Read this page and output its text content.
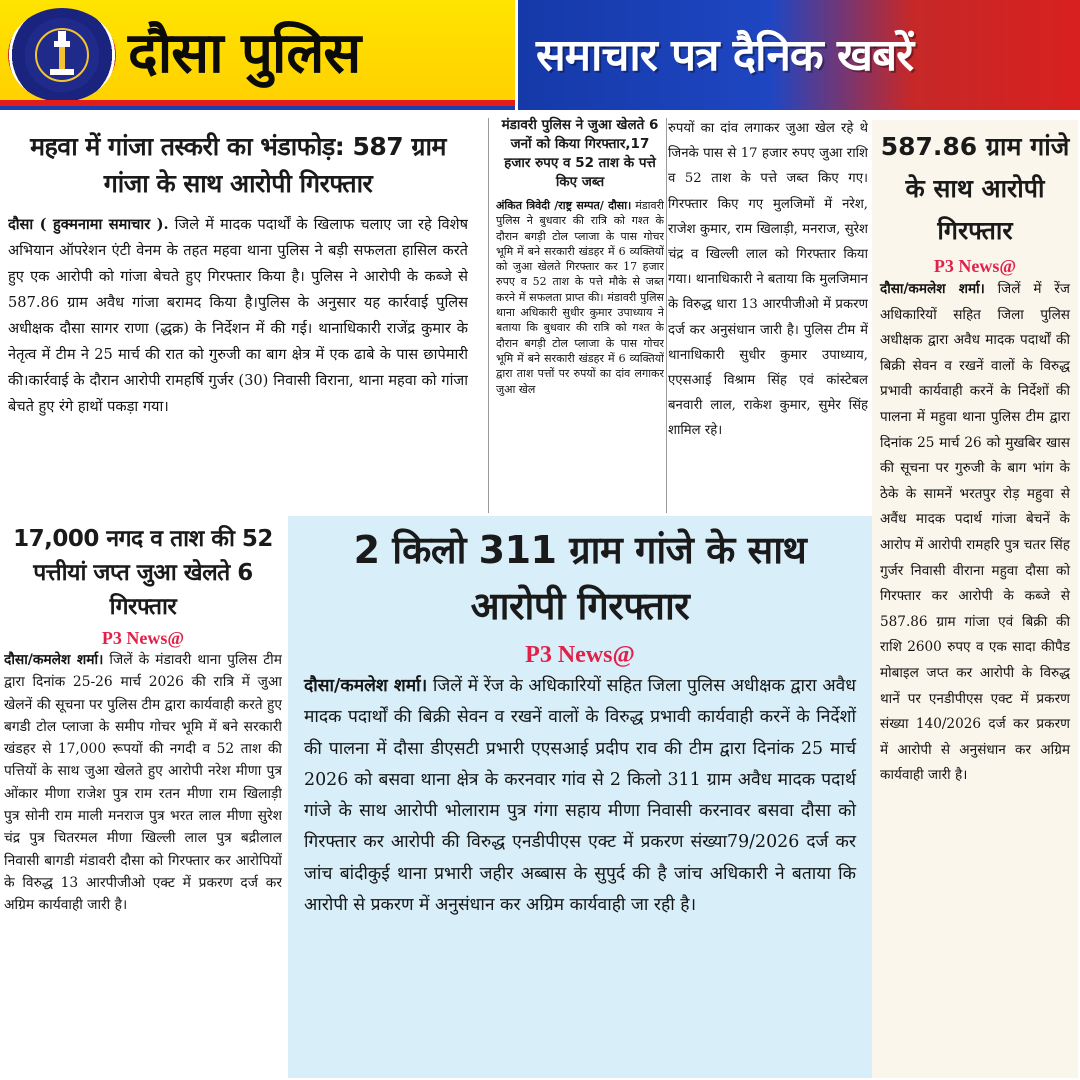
दौसा पुलिस	समाचार पत्र दैनिक खबरें
महवा में गांजा तस्करी का भंडाफोड़: 587 ग्राम गांजा के साथ आरोपी गिरफ्तार

दौसा ( हुक्मनामा समाचार ). जिले में मादक पदार्थों के खिलाफ चलाए जा रहे विशेष अभियान ऑपरेशन एंटी वेनम के तहत महवा थाना पुलिस ने बड़ी सफलता हासिल करते हुए एक आरोपी को गांजा बेचते हुए गिरफ्तार किया है। पुलिस ने आरोपी के कब्जे से 587.86 ग्राम अवैध गांजा बरामद किया है।पुलिस के अनुसार यह कार्रवाई पुलिस अधीक्षक दौसा सागर राणा (द्धक्र) के निर्देशन में की गई। थानाधिकारी राजेंद्र कुमार के नेतृत्व में टीम ने 25 मार्च की रात को गुरुजी का बाग क्षेत्र में एक ढाबे के पास छापेमारी की।कार्रवाई के दौरान आरोपी रामहर्षि गुर्जर (30) निवासी विराना, थाना महवा को गांजा बेचते हुए रंगे हाथों पकड़ा गया।

मंडावरी पुलिस ने जुआ खेलते 6 जनों को किया गिरफ्तार,17 हजार रुपए व 52 ताश के पत्ते किए जब्त

अंकित त्रिवेदी /राष्ट्र सम्पत/ दौसा। मंडावरी पुलिस ने बुधवार की रात्रि को गश्त के दौरान बगड़ी टोल प्लाजा के पास गोचर भूमि में बने सरकारी खंडहर में 6 व्यक्तियों को जुआ खेलते गिरफ्तार कर 17 हजार रुपए व 52 ताश के पत्ते मौके से जब्त करने में सफलता प्राप्त की। मंडावरी पुलिस थाना अधिकारी सुधीर कुमार उपाध्याय ने बताया कि बुधवार की रात्रि को गश्त के दौरान बगड़ी टोल प्लाजा के पास गोचर भूमि में बने सरकारी खंडहर में 6 व्यक्तियों द्वारा ताश पत्तों पर रुपयों का दांव लगाकर जुआ खेल

रुपयों का दांव लगाकर जुआ खेल रहे थे जिनके पास से 17 हजार रुपए जुआ राशि व 52 ताश के पत्ते जब्त किए गए। गिरफ्तार किए गए मुलजिमों में नरेश, राजेश कुमार, राम खिलाड़ी, मनराज, सुरेश चंद्र व खिल्ली लाल को गिरफ्तार किया गया। थानाधिकारी ने बताया कि मुलजिमान के विरुद्ध धारा 13 आरपीजीओ में प्रकरण दर्ज कर अनुसंधान जारी है। पुलिस टीम में थानाधिकारी सुधीर कुमार उपाध्याय, एएसआई विश्राम सिंह एवं कांस्टेबल बनवारी लाल, राकेश कुमार, सुमेर सिंह शामिल रहे।

587.86 ग्राम गांजे के साथ आरोपी गिरफ्तार
P3 News@

दौसा/कमलेश शर्मा। जिलें में रेंज अधिकारियों सहित जिला पुलिस अधीक्षक द्वारा अवैध मादक पदार्थों की बिक्री सेवन व रखनें वालों के विरुद्ध प्रभावी कार्यवाही करनें के निर्देशों की पालना में महुवा थाना पुलिस टीम द्वारा दिनांक 25 मार्च 26 को मुखबिर खास की सूचना पर गुरुजी के बाग भांग के ठेके के सामनें भरतपुर रोड़ महुवा से अवैंध मादक पदार्थ गांजा बेचनें के आरोप में आरोपी रामहरि पुत्र चतर सिंह गुर्जर निवासी वीराना महुवा दौसा को गिरफ्तार कर आरोपी के कब्जे से 587.86 ग्राम गांजा एवं बिक्री की राशि 2600 रुपए व एक सादा कीपैड मोबाइल जप्त कर आरोपी के विरुद्ध थानें पर एनडीपीएस एक्ट में प्रकरण संख्या 140/2026 दर्ज कर प्रकरण में आरोपी से अनुसंधान कर अग्रिम कार्यवाही जारी है।

17,000 नगद व ताश की 52 पत्तीयां जप्त जुआ खेलते 6 गिरफ्तार
P3 News@

दौसा/कमलेश शर्मा। जिलें के मंडावरी थाना पुलिस टीम द्वारा दिनांक 25-26 मार्च 2026 की रात्रि में जुआ खेलनें की सूचना पर पुलिस टीम द्वारा कार्यवाही करते हुए बगडी टोल प्लाजा के समीप गोचर भूमि में बने सरकारी खंडहर से 17,000 रूपयों की नगदी व 52 ताश की पत्तियों के साथ जुआ खेलते हुए आरोपी नरेश मीणा पुत्र ओंकार मीणा राजेश पुत्र राम रतन मीणा राम खिलाड़ी पुत्र सोनी राम माली मनराज पुत्र भरत लाल मीणा सुरेश चंद्र पुत्र चितरमल मीणा खिल्ली लाल पुत्र बद्रीलाल निवासी बागडी मंडावरी दौसा को गिरफ्तार कर आरोपियों के विरुद्ध 13 आरपीजीओ एक्ट में प्रकरण दर्ज कर अग्रिम कार्यवाही जारी है।

2 किलो 311 ग्राम गांजे के साथ आरोपी गिरफ्तार
P3 News@

दौसा/कमलेश शर्मा। जिलें में रेंज के अधिकारियों सहित जिला पुलिस अधीक्षक द्वारा अवैध मादक पदार्थों की बिक्री सेवन व रखनें वालों के विरुद्ध प्रभावी कार्यवाही करनें के निर्देशों की पालना में दौसा डीएसटी प्रभारी एएसआई प्रदीप राव की टीम द्वारा दिनांक 25 मार्च 2026 को बसवा थाना क्षेत्र के करनवार गांव से 2 किलो 311 ग्राम अवैध मादक पदार्थ गांजे के साथ आरोपी भोलाराम पुत्र गंगा सहाय मीणा निवासी करनावर बसवा दौसा को गिरफ्तार कर आरोपी की विरुद्ध एनडीपीएस एक्ट में प्रकरण संख्या79/2026 दर्ज कर जांच बांदीकुई थाना प्रभारी जहीर अब्बास के सुपुर्द की है जांच अधिकारी ने बताया कि आरोपी से प्रकरण में अनुसंधान कर अग्रिम कार्यवाही जा रही है।
